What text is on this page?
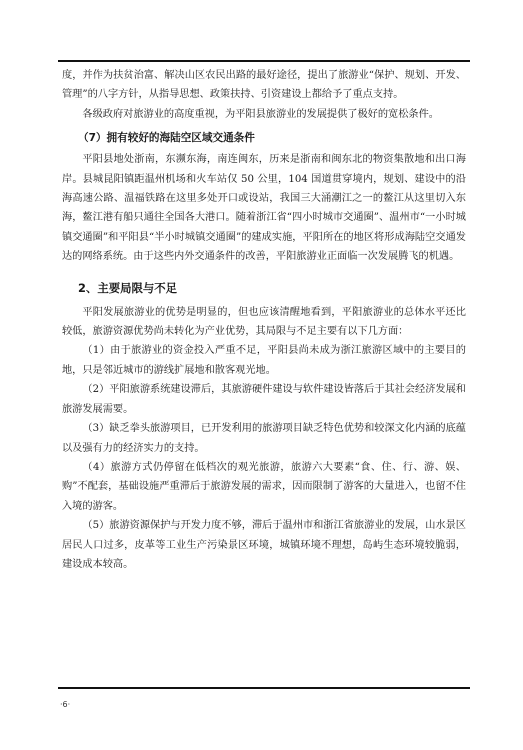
度，并作为扶贫治富、解决山区农民出路的最好途径，提出了旅游业“保护、规划、开发、管理”的八字方针，从指导思想、政策扶持、引资建设上都给予了重点支持。

各级政府对旅游业的高度重视，为平阳县旅游业的发展提供了极好的宽松条件。

（7）拥有较好的海陆空区域交通条件

平阳县地处浙南，东濒东海，南连闽东，历来是浙南和闽东北的物资集散地和出口海岸。县城昆阳镇距温州机场和火车站仅 50 公里，104 国道贯穿境内，规划、建设中的沿海高速公路、温福铁路在这里多处开口或设站，我国三大涌潮江之一的鳌江从这里切入东海，鳌江港有船只通往全国各大港口。随着浙江省“四小时城市交通圈”、温州市“一小时城镇交通圈”和平阳县“半小时城镇交通圈”的建成实施，平阳所在的地区将形成海陆空交通发达的网络系统。由于这些内外交通条件的改善，平阳旅游业正面临一次发展腾飞的机遇。

2、主要局限与不足

平阳发展旅游业的优势是明显的，但也应该清醒地看到，平阳旅游业的总体水平还比较低，旅游资源优势尚未转化为产业优势，其局限与不足主要有以下几方面：

（1）由于旅游业的资金投入严重不足，平阳县尚未成为浙江旅游区域中的主要目的地，只是邻近城市的游线扩展地和散客观光地。

（2）平阳旅游系统建设滞后，其旅游硬件建设与软件建设皆落后于其社会经济发展和旅游发展需要。

（3）缺乏拳头旅游项目，已开发利用的旅游项目缺乏特色优势和较深文化内涵的底蕴以及强有力的经济实力的支持。

（4）旅游方式仍停留在低档次的观光旅游，旅游六大要素“食、住、行、游、娱、购”不配套，基础设施严重滞后于旅游发展的需求，因而限制了游客的大量进入，也留不住入境的游客。

（5）旅游资源保护与开发力度不够，滞后于温州市和浙江省旅游业的发展，山水景区居民人口过多，皮革等工业生产污染景区环境，城镇环境不理想，岛屿生态环境较脆弱，建设成本较高。

·6·
